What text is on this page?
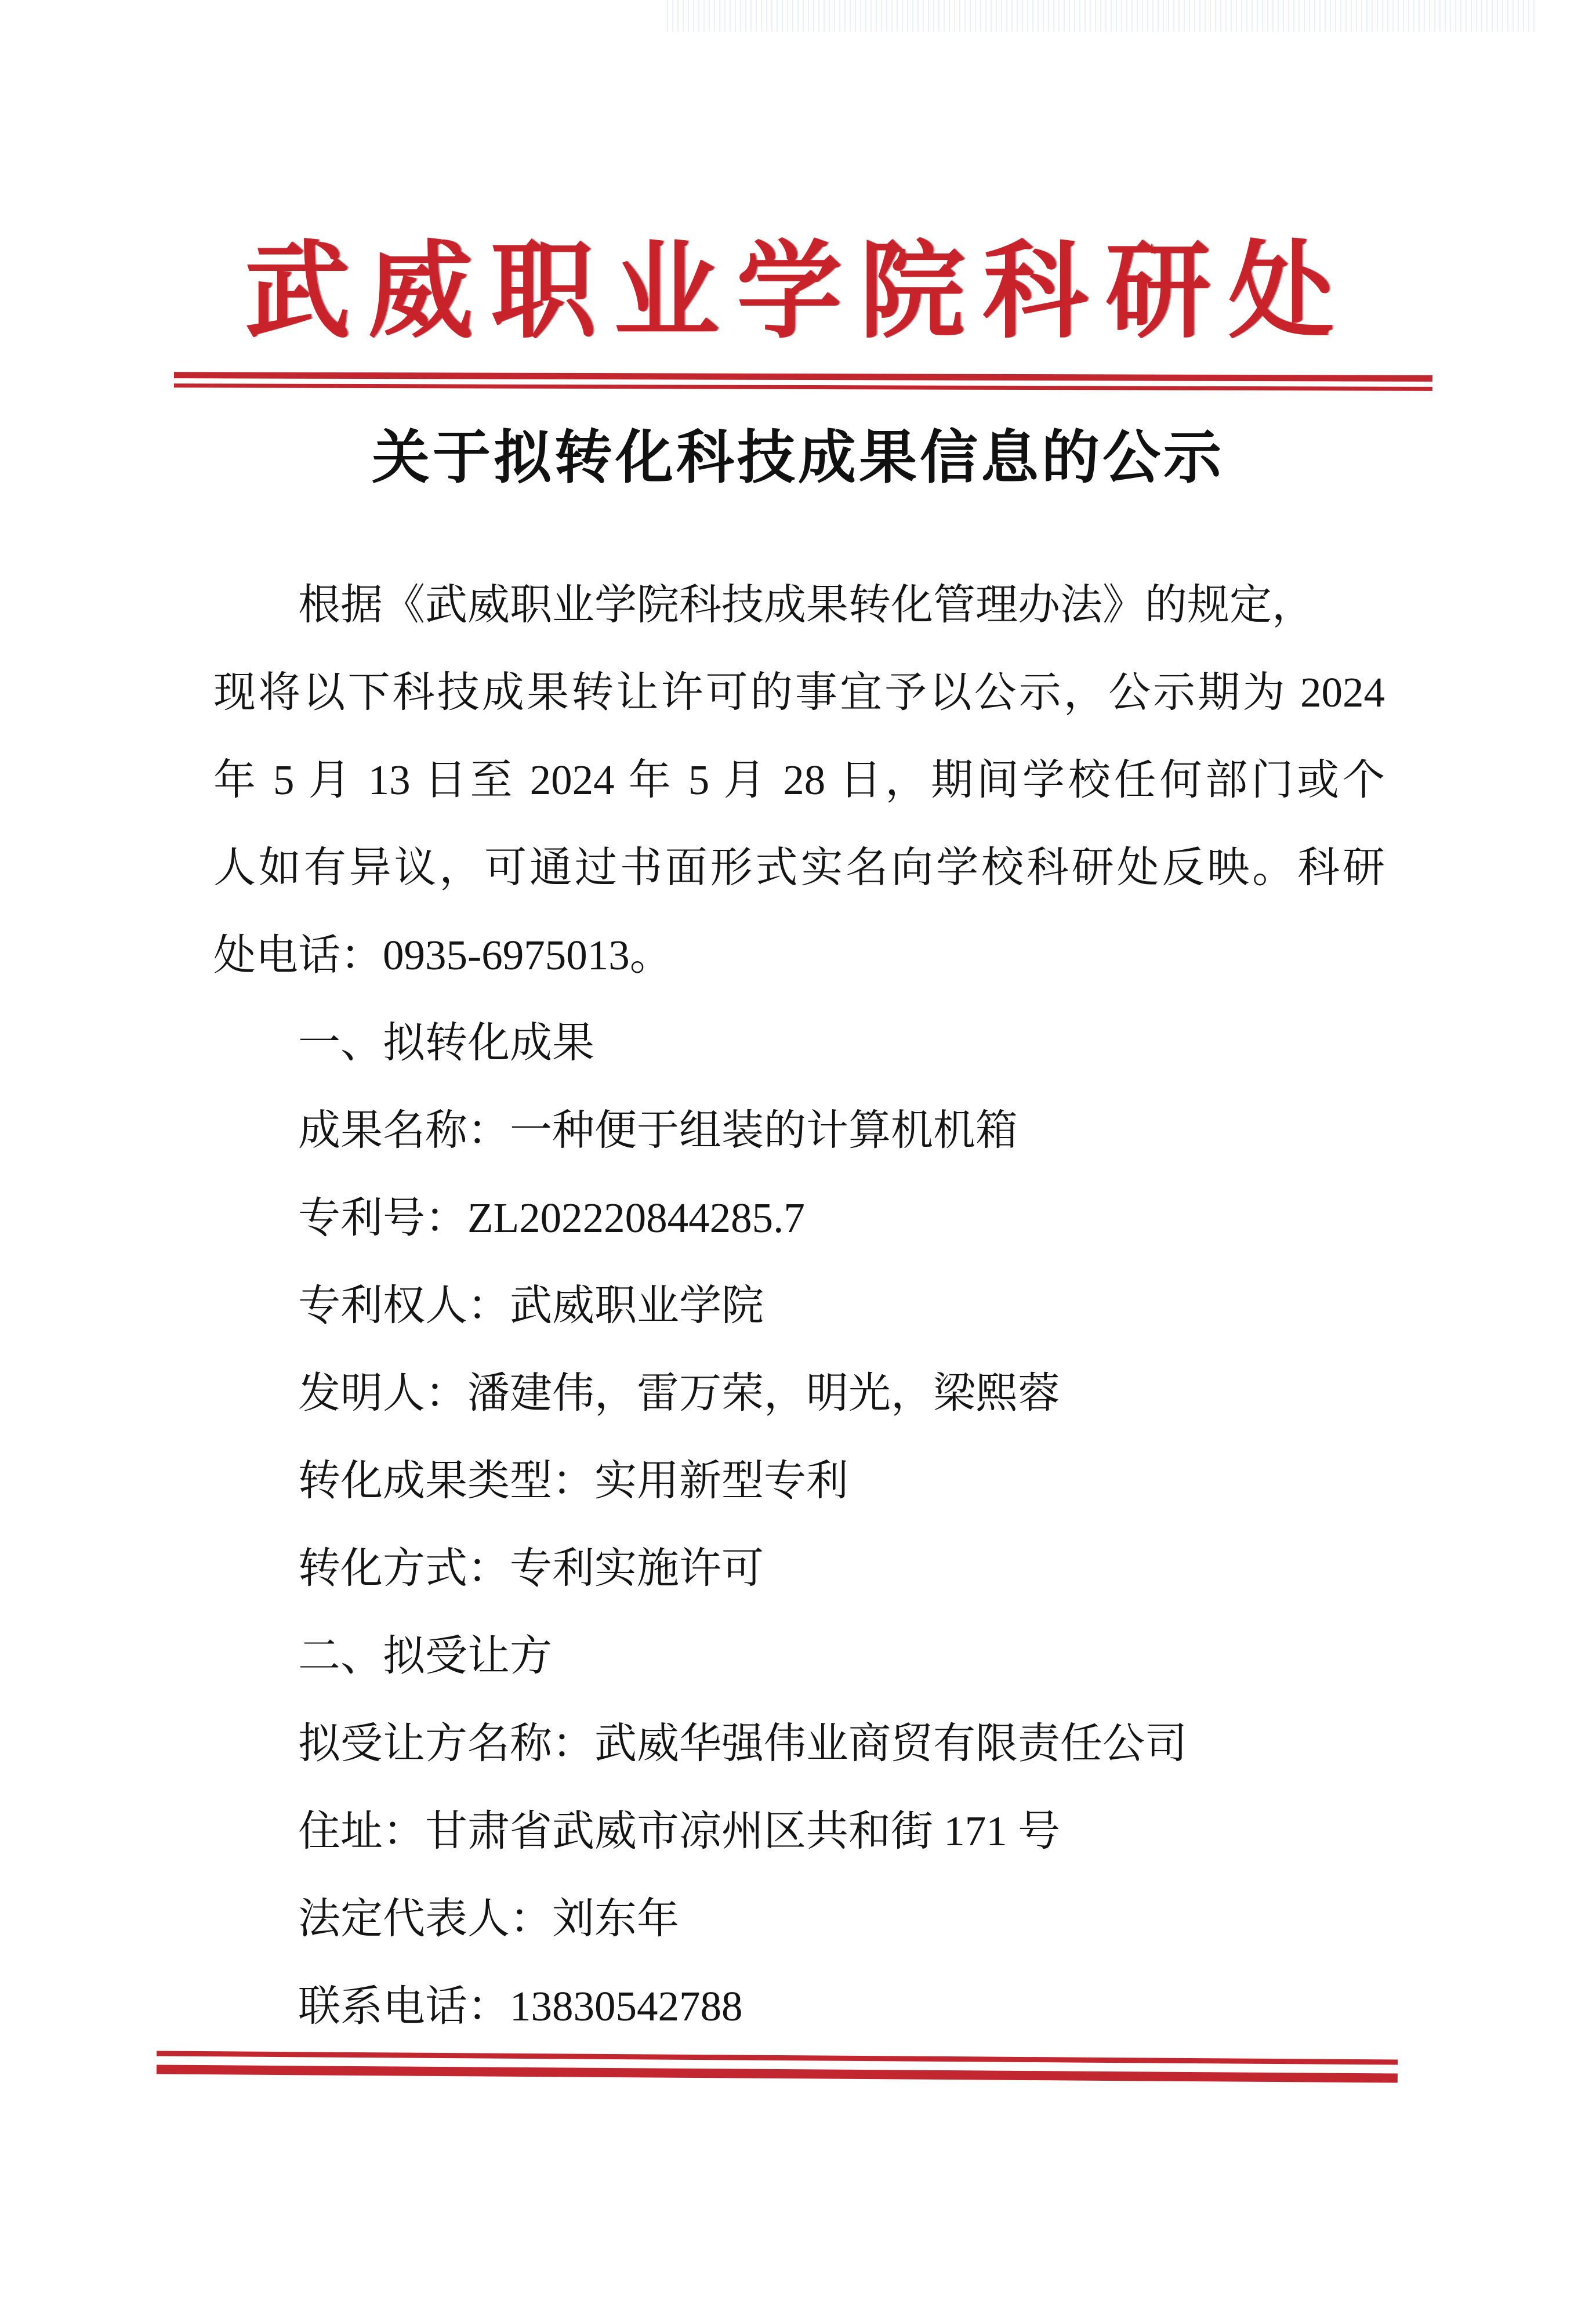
武威职业学院科研处
关于拟转化科技成果信息的公示
根据《武威职业学院科技成果转化管理办法》的规定，
现将以下科技成果转让许可的事宜予以公示，公示期为 2024
年 5 月 13 日至 2024 年 5 月 28 日，期间学校任何部门或个
人如有异议，可通过书面形式实名向学校科研处反映。科研
处电话：0935-6975013。
一、拟转化成果
成果名称：一种便于组装的计算机机箱
专利号：ZL202220844285.7
专利权人：武威职业学院
发明人：潘建伟，雷万荣，明光，梁熙蓉
转化成果类型：实用新型专利
转化方式：专利实施许可
二、拟受让方
拟受让方名称：武威华强伟业商贸有限责任公司
住址：甘肃省武威市凉州区共和街 171 号
法定代表人：刘东年
联系电话：13830542788
